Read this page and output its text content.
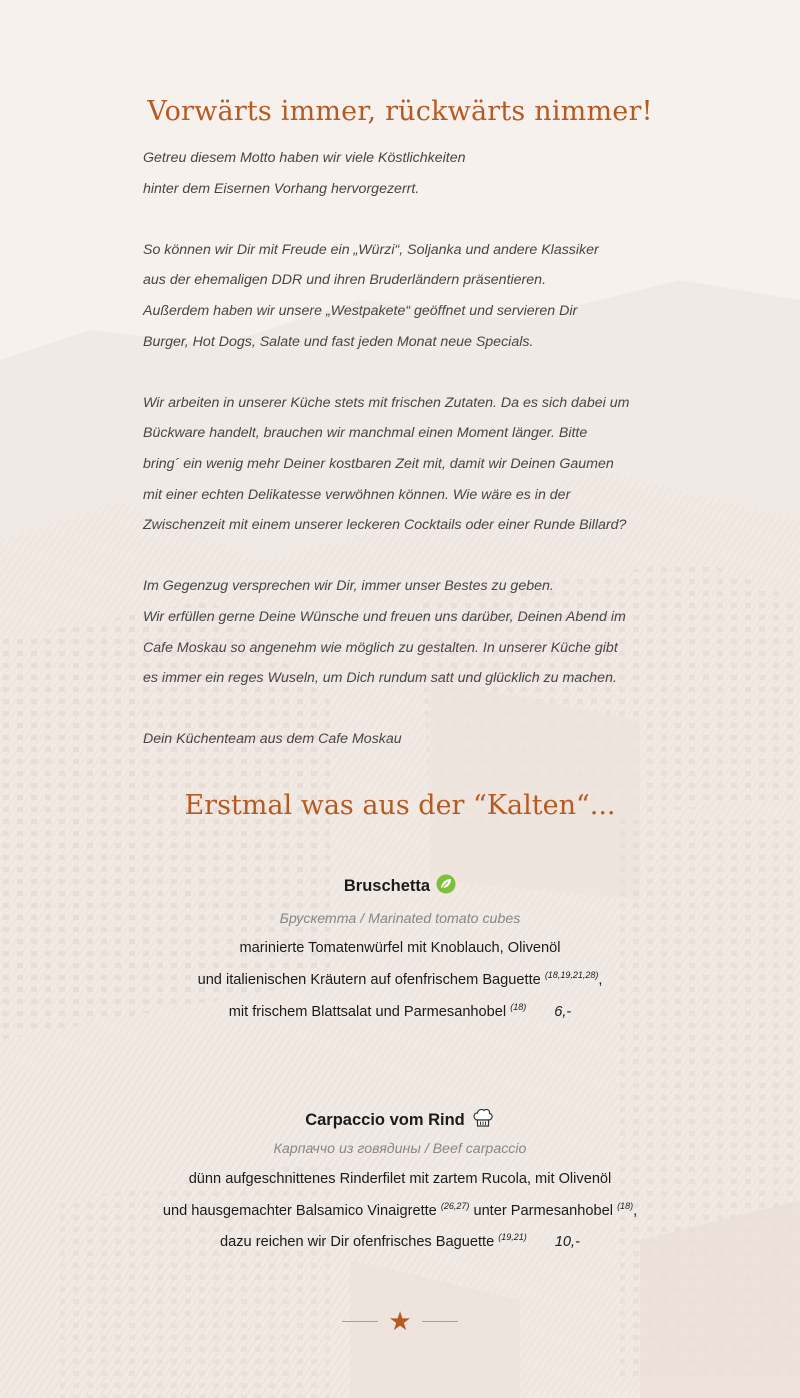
Vorwärts immer, rückwärts nimmer!
Getreu diesem Motto haben wir viele Köstlichkeiten
hinter dem Eisernen Vorhang hervorgezerrt.
So können wir Dir mit Freude ein „Würzi“, Soljanka und andere Klassiker
aus der ehemaligen DDR und ihren Bruderländern präsentieren.
Außerdem haben wir unsere „Westpakete“ geöffnet und servieren Dir
Burger, Hot Dogs, Salate und fast jeden Monat neue Specials.
Wir arbeiten in unserer Küche stets mit frischen Zutaten. Da es sich dabei um
Bückware handelt, brauchen wir manchmal einen Moment länger. Bitte
bring´ ein wenig mehr Deiner kostbaren Zeit mit, damit wir Deinen Gaumen
mit einer echten Delikatesse verwöhnen können. Wie wäre es in der
Zwischenzeit mit einem unserer leckeren Cocktails oder einer Runde Billard?
Im Gegenzug versprechen wir Dir, immer unser Bestes zu geben.
Wir erfüllen gerne Deine Wünsche und freuen uns darüber, Deinen Abend im
Cafe Moskau so angenehm wie möglich zu gestalten. In unserer Küche gibt
es immer ein reges Wuseln, um Dich rundum satt und glücklich zu machen.
Dein Küchenteam aus dem Cafe Moskau
Erstmal was aus der “Kalten“...
Bruschetta
Брускетта / Marinated tomato cubes
marinierte Tomatenwürfel mit Knoblauch, Olivenöl
und italienischen Kräutern auf ofenfrischem Baguette $^{(18,19,21,28)}$,
mit frischem Blattsalat und Parmesanhobel $^{(18)}$ 6,-
Carpaccio vom Rind
Карпаччо из говядины / Beef carpaccio
dünn aufgeschnittenes Rinderfilet mit zartem Rucola, mit Olivenöl
und hausgemachter Balsamico Vinaigrette $^{(26,27)}$ unter Parmesanhobel $^{(18)}$,
dazu reichen wir Dir ofenfrisches Baguette $^{(19,21)}$ 10,-
★
